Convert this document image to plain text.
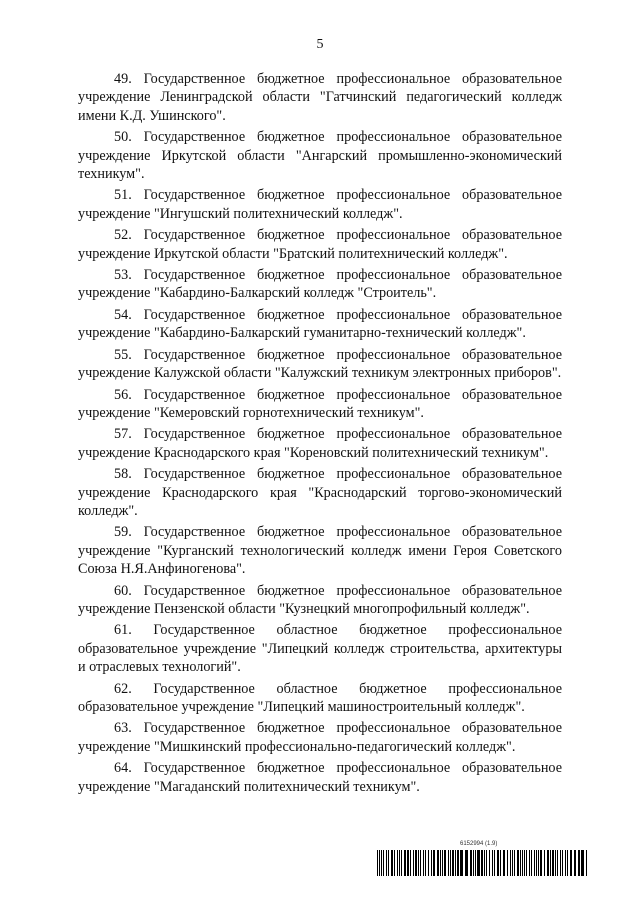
5

49. Государственное бюджетное профессиональное образовательное учреждение Ленинградской области "Гатчинский педагогический колледж имени К.Д. Ушинского".

50. Государственное бюджетное профессиональное образовательное учреждение Иркутской области "Ангарский промышленно-экономический техникум".

51. Государственное бюджетное профессиональное образовательное учреждение "Ингушский политехнический колледж".

52. Государственное бюджетное профессиональное образовательное учреждение Иркутской области "Братский политехнический колледж".

53. Государственное бюджетное профессиональное образовательное учреждение "Кабардино-Балкарский колледж "Строитель".

54. Государственное бюджетное профессиональное образовательное учреждение "Кабардино-Балкарский гуманитарно-технический колледж".

55. Государственное бюджетное профессиональное образовательное учреждение Калужской области "Калужский техникум электронных приборов".

56. Государственное бюджетное профессиональное образовательное учреждение "Кемеровский горнотехнический техникум".

57. Государственное бюджетное профессиональное образовательное учреждение Краснодарского края "Кореновский политехнический техникум".

58. Государственное бюджетное профессиональное образовательное учреждение Краснодарского края "Краснодарский торгово-экономический колледж".

59. Государственное бюджетное профессиональное образовательное учреждение "Курганский технологический колледж имени Героя Советского Союза Н.Я.Анфиногенова".

60. Государственное бюджетное профессиональное образовательное учреждение Пензенской области "Кузнецкий многопрофильный колледж".

61. Государственное областное бюджетное профессиональное образовательное учреждение "Липецкий колледж строительства, архитектуры и отраслевых технологий".

62. Государственное областное бюджетное профессиональное образовательное учреждение "Липецкий машиностроительный колледж".

63. Государственное бюджетное профессиональное образовательное учреждение "Мишкинский профессионально-педагогический колледж".

64. Государственное бюджетное профессиональное образовательное учреждение "Магаданский политехнический техникум".

6152994 (1.9)
